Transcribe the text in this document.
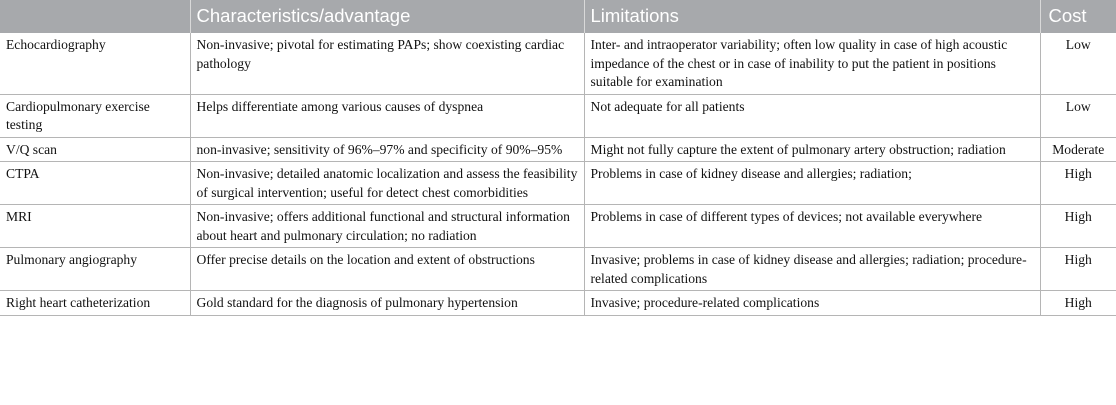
	Characteristics/advantage	Limitations	Cost
Echocardiography	Non-invasive; pivotal for estimating PAPs; show coexisting cardiac pathology	Inter- and intraoperator variability; often low quality in case of high acoustic impedance of the chest or in case of inability to put the patient in positions suitable for examination	Low
Cardiopulmonary exercise testing	Helps differentiate among various causes of dyspnea	Not adequate for all patients	Low
V/Q scan	non-invasive; sensitivity of 96%–97% and specificity of 90%–95%	Might not fully capture the extent of pulmonary artery obstruction; radiation	Moderate
CTPA	Non-invasive; detailed anatomic localization and assess the feasibility of surgical intervention; useful for detect chest comorbidities	Problems in case of kidney disease and allergies; radiation;	High
MRI	Non-invasive; offers additional functional and structural information about heart and pulmonary circulation; no radiation	Problems in case of different types of devices; not available everywhere	High
Pulmonary angiography	Offer precise details on the location and extent of obstructions	Invasive; problems in case of kidney disease and allergies; radiation; procedure-related complications	High
Right heart catheterization	Gold standard for the diagnosis of pulmonary hypertension	Invasive; procedure-related complications	High
